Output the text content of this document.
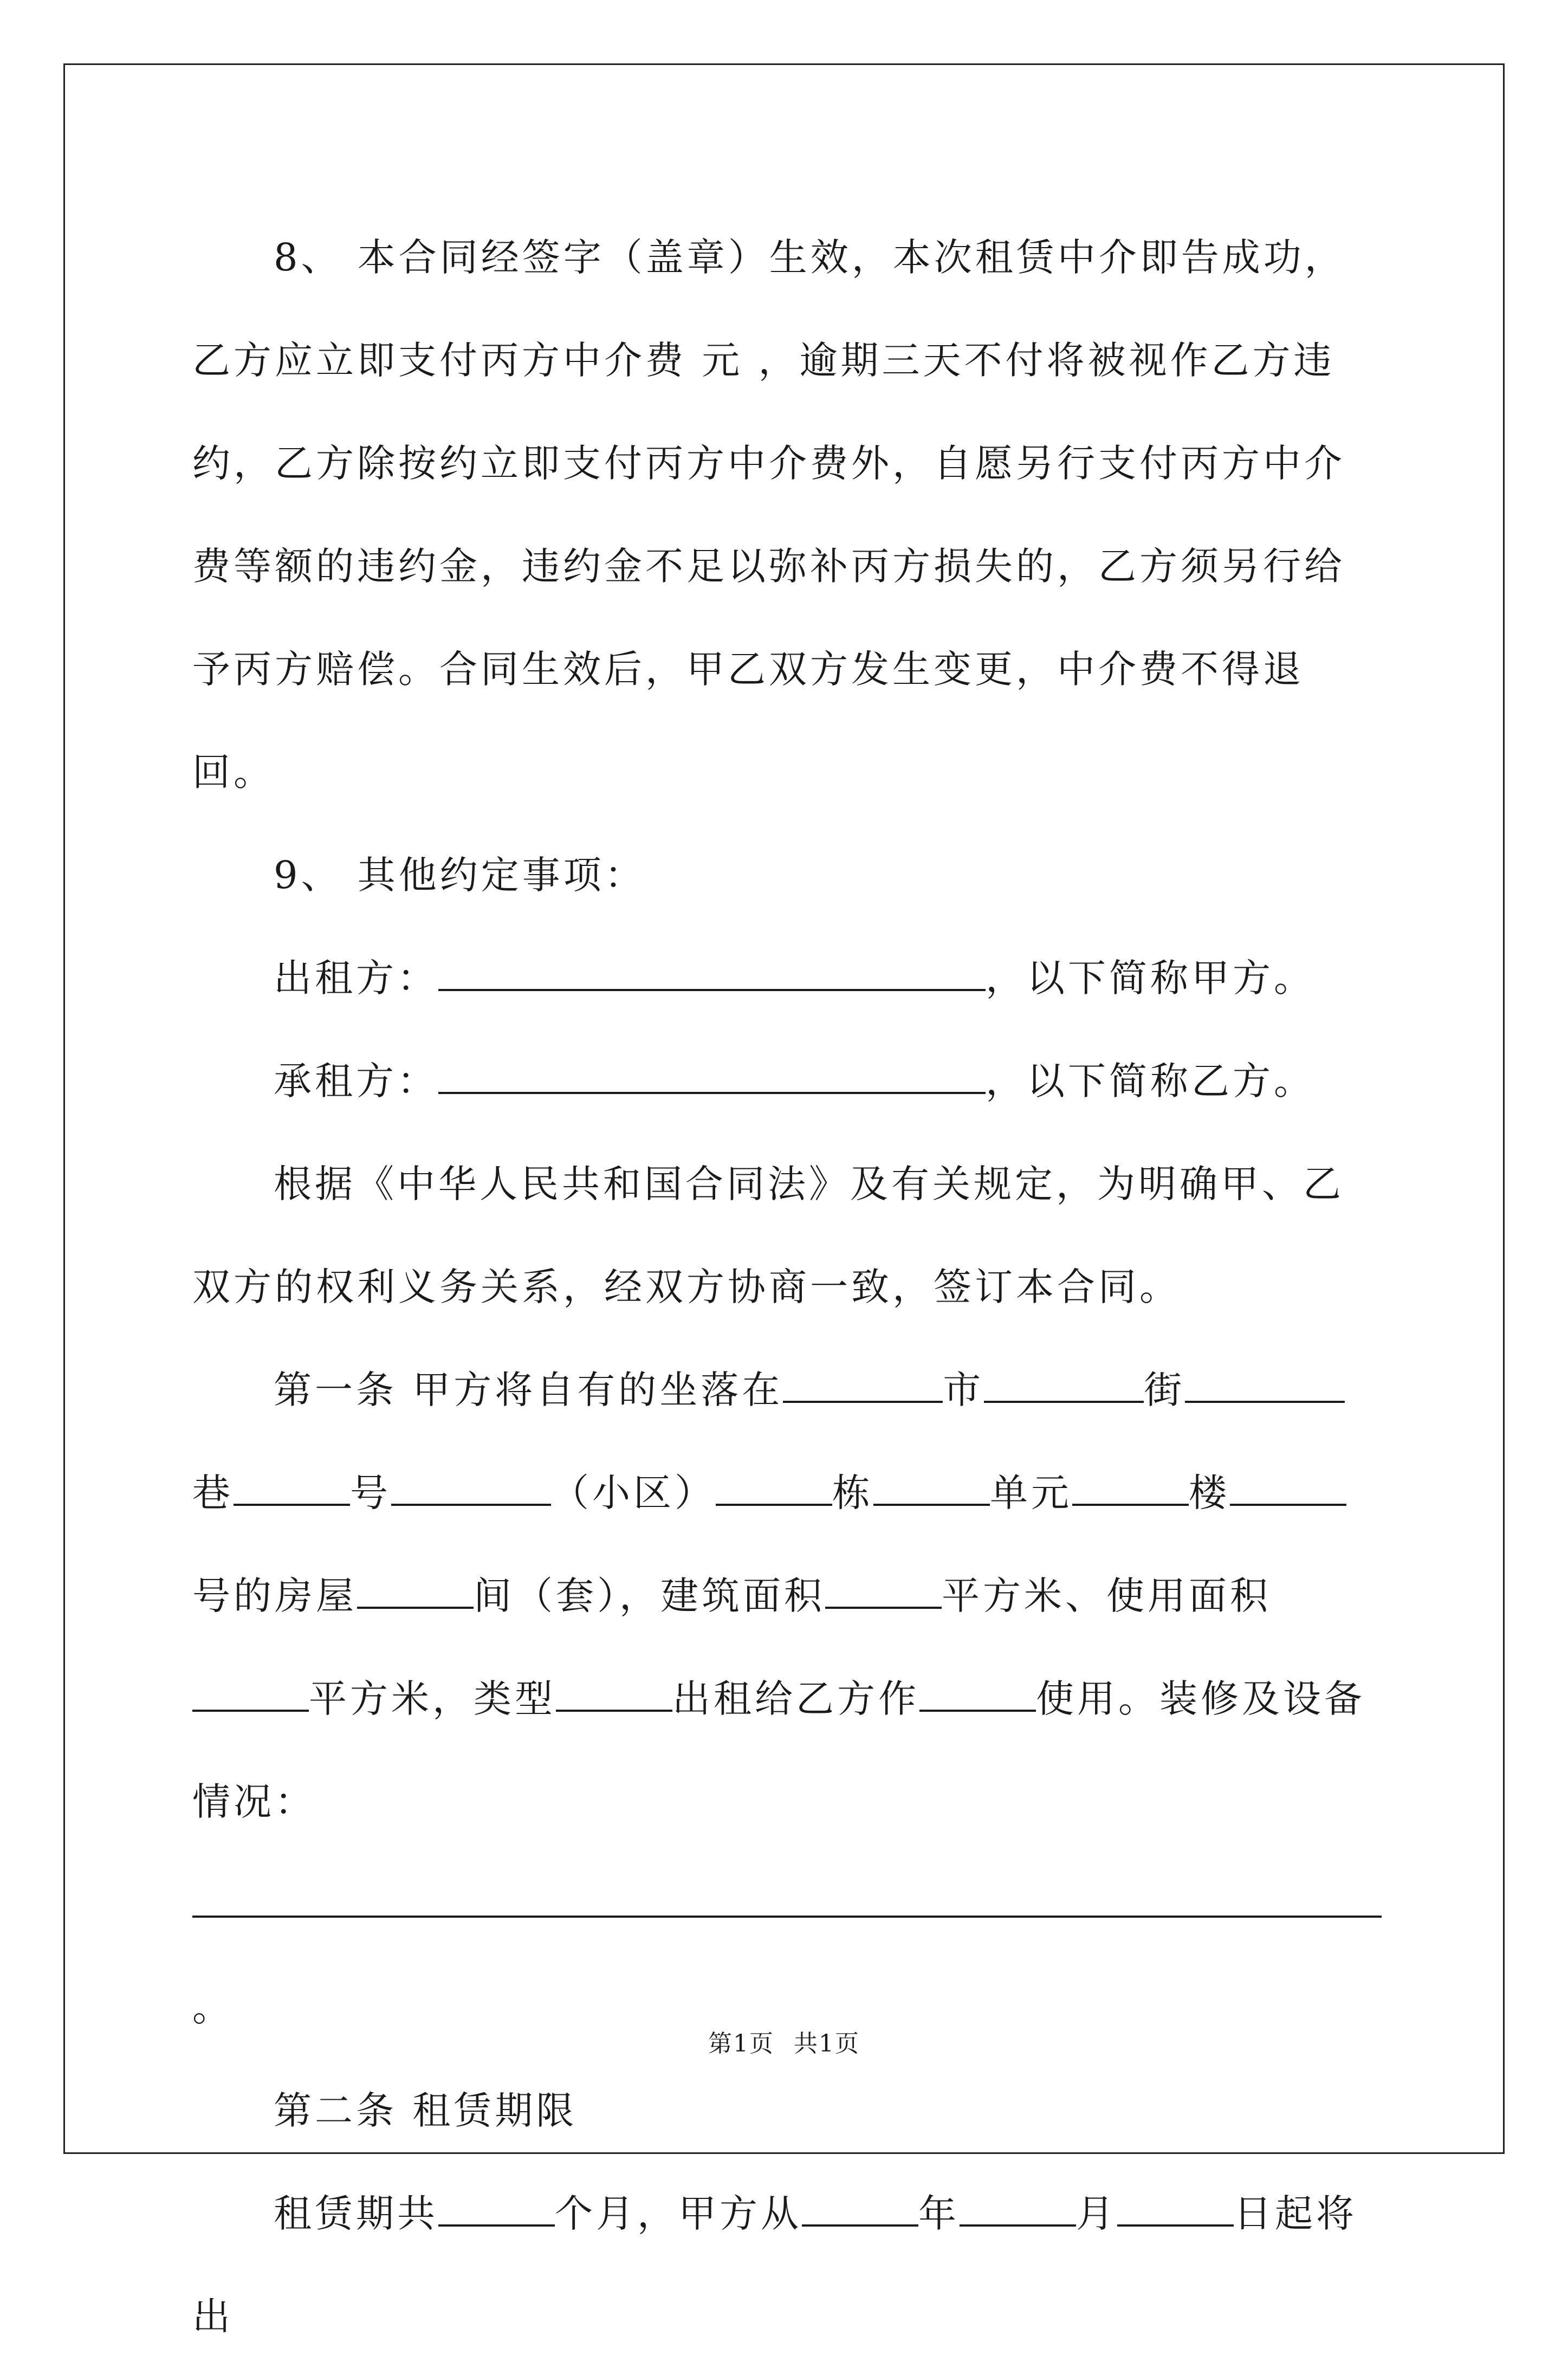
8、 本合同经签字（盖章）生效，本次租赁中介即告成功，乙方应立即支付丙方中介费 元 ，逾期三天不付将被视作乙方违约，乙方除按约立即支付丙方中介费外，自愿另行支付丙方中介费等额的违约金，违约金不足以弥补丙方损失的，乙方须另行给予丙方赔偿。合同生效后，甲乙双方发生变更，中介费不得退回。

9、 其他约定事项：

出租方：	，以下简称甲方。

承租方：	，以下简称乙方。

根据《中华人民共和国合同法》及有关规定，为明确甲、乙双方的权利义务关系，经双方协商一致，签订本合同。

第一条 甲方将自有的坐落在	市	街巷	号	（小区）	栋	单元	楼号的房屋	间（套），建筑面积	平方米、使用面积平方米，类型	出租给乙方作	使用。装修及设备情况：。

第二条 租赁期限

租赁期共	个月，甲方从	年	月	日起将出

第1页 共1页
